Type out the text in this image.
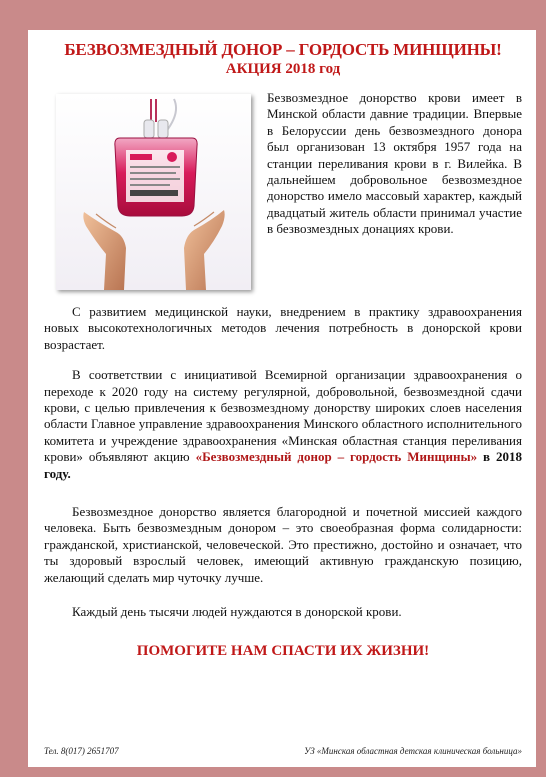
БЕЗВОЗМЕЗДНЫЙ ДОНОР – ГОРДОСТЬ МИНЩИНЫ!
АКЦИЯ 2018 год

Безвозмездное донорство крови имеет в Минской области давние традиции. Впервые в Белоруссии день безвозмездного донора был организован 13 октября 1957 года на станции переливания крови в г. Вилейка. В дальнейшем добровольное безвозмездное донорство имело массовый характер, каждый двадцатый житель области принимал участие в безвозмездных донациях крови.

С развитием медицинской науки, внедрением в практику здравоохранения новых высокотехнологичных методов лечения потребность в донорской крови возрастает.

В соответствии с инициативой Всемирной организации здравоохранения о переходе к 2020 году на систему регулярной, добровольной, безвозмездной сдачи крови, с целью привлечения к безвозмездному донорству широких слоев населения области Главное управление здравоохранения Минского областного исполнительного комитета и учреждение здравоохранения «Минская областная станция переливания крови» объявляют акцию «Безвозмездный донор – гордость Минщины» в 2018 году.

Безвозмездное донорство является благородной и почетной миссией каждого человека. Быть безвозмездным донором – это своеобразная форма солидарности: гражданской, христианской, человеческой. Это престижно, достойно и означает, что ты здоровый взрослый человек, имеющий активную гражданскую позицию, желающий сделать мир чуточку лучше.

Каждый день тысячи людей нуждаются в донорской крови.

ПОМОГИТЕ НАМ СПАСТИ ИХ ЖИЗНИ!

Тел. 8(017) 2651707	УЗ «Минская областная детская клиническая больница»
